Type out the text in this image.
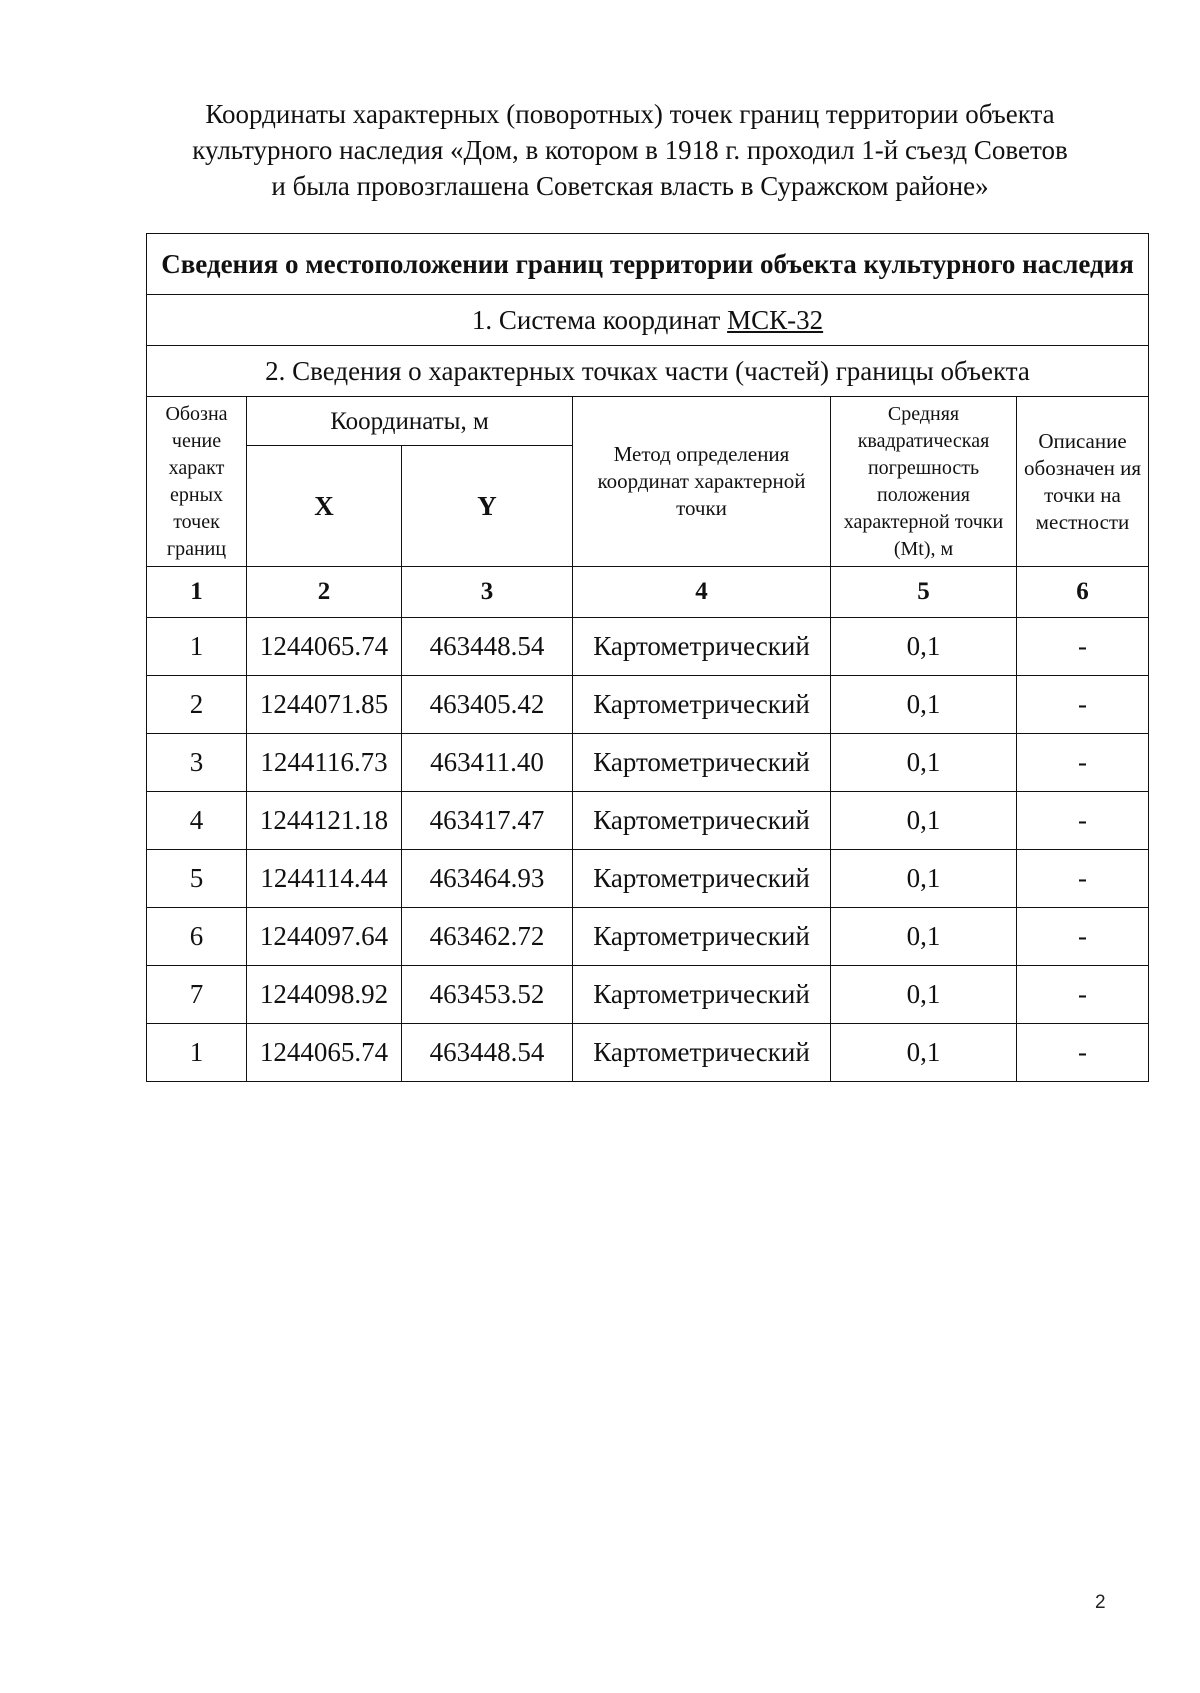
Координаты характерных (поворотных) точек границ территории объекта
культурного наследия «Дом, в котором в 1918 г. проходил 1-й съезд Советов
и была провозглашена Советская власть в Суражском районе»
Сведения о местоположении границ территории объекта культурного наследия					
1. Система координат МСК-32					
2. Сведения о характерных точках части (частей) границы объекта					
Обозна чение характ ерных точек границ	Координаты, м		Метод определения координат характерной точки	Средняя квадратическая погрешность положения характерной точки (Mt), м	Описание обозначен ия точки на местности
	X	Y			
1	2	3	4	5	6
1	1244065.74	463448.54	Картометрический	0,1	-
2	1244071.85	463405.42	Картометрический	0,1	-
3	1244116.73	463411.40	Картометрический	0,1	-
4	1244121.18	463417.47	Картометрический	0,1	-
5	1244114.44	463464.93	Картометрический	0,1	-
6	1244097.64	463462.72	Картометрический	0,1	-
7	1244098.92	463453.52	Картометрический	0,1	-
1	1244065.74	463448.54	Картометрический	0,1	-
2
